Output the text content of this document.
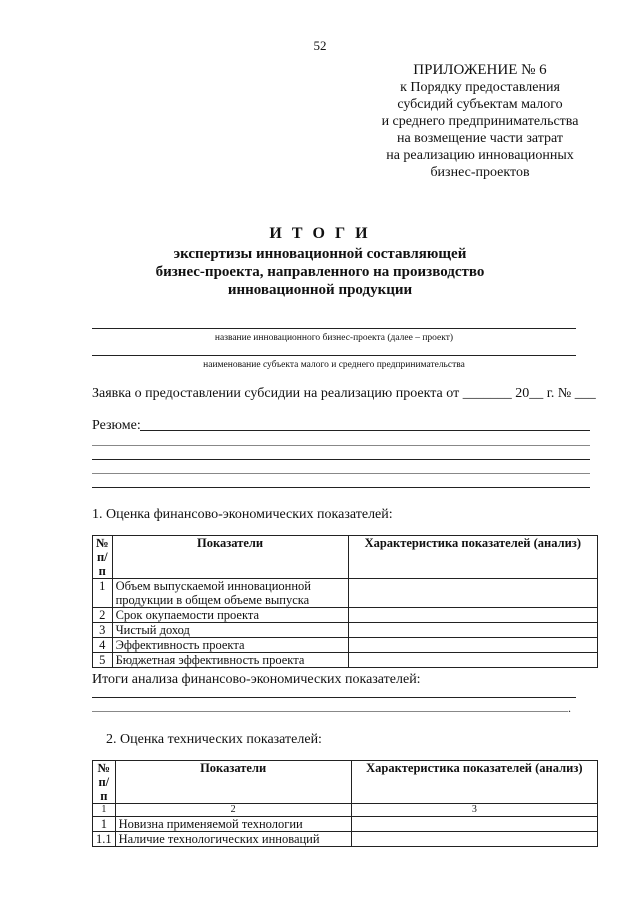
52
ПРИЛОЖЕНИЕ № 6
к Порядку предоставления
субсидий субъектам малого
и среднего предпринимательства
на возмещение части затрат
на реализацию инновационных
бизнес-проектов
И Т О Г И
экспертизы инновационной составляющей
бизнес-проекта, направленного на производство
инновационной продукции
название инновационного бизнес-проекта (далее – проект)
наименование субъекта малого и среднего предпринимательства
Заявка о предоставлении субсидии на реализацию проекта от _______ 20__ г. № ___
Резюме:
1. Оценка финансово-экономических показателей:
№ п/п	Показатели	Характеристика показателей (анализ)
1	Объем выпускаемой инновационной продукции в общем объеме выпуска	
2	Срок окупаемости проекта	
3	Чистый доход	
4	Эффективность проекта	
5	Бюджетная эффективность проекта	
Итоги анализа финансово-экономических показателей:
.
2. Оценка технических показателей:
№ п/п	Показатели	Характеристика показателей (анализ)
1	2	3
1	Новизна применяемой технологии	
1.1	Наличие технологических инноваций	
